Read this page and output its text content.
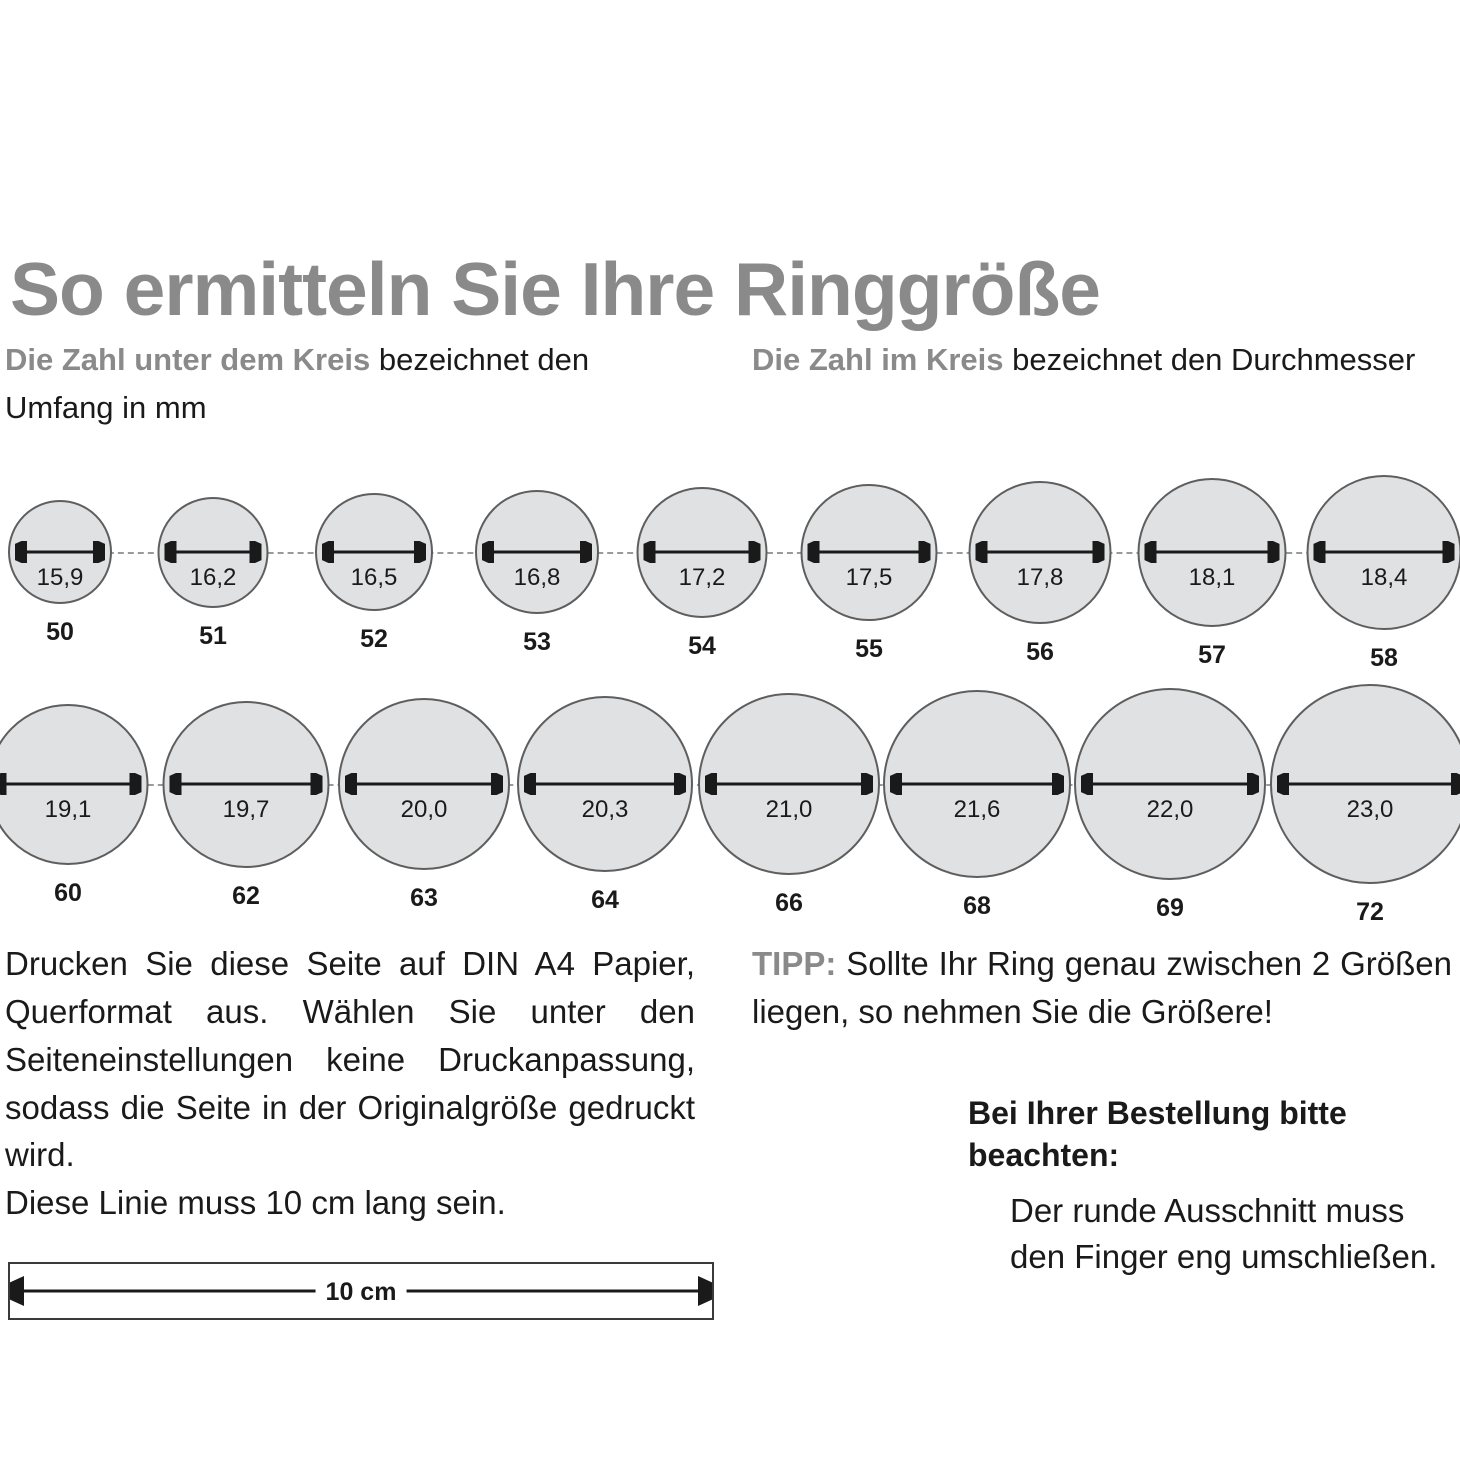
So ermitteln Sie Ihre Ringgröße
Die Zahl unter dem Kreis bezeichnet den Umfang in mm
Die Zahl im Kreis bezeichnet den Durchmesser
15,9
50
16,2
51
16,5
52
16,8
53
17,2
54
17,5
55
17,8
56
18,1
57
18,4
58
19,1
60
19,7
62
20,0
63
20,3
64
21,0
66
21,6
68
22,0
69
23,0
72
Drucken Sie diese Seite auf DIN A4 Papier, Querformat aus. Wählen Sie unter den Seiteneinstellungen keine Druckanpassung, sodass die Seite in der Originalgröße gedruckt wird.
Diese Linie muss 10 cm lang sein.
TIPP: Sollte Ihr Ring genau zwischen 2 Größen liegen, so nehmen Sie die Größere!
Bei Ihrer Bestellung bitte beachten:
Der runde Ausschnitt muss den Finger eng umschließen.
10 cm
